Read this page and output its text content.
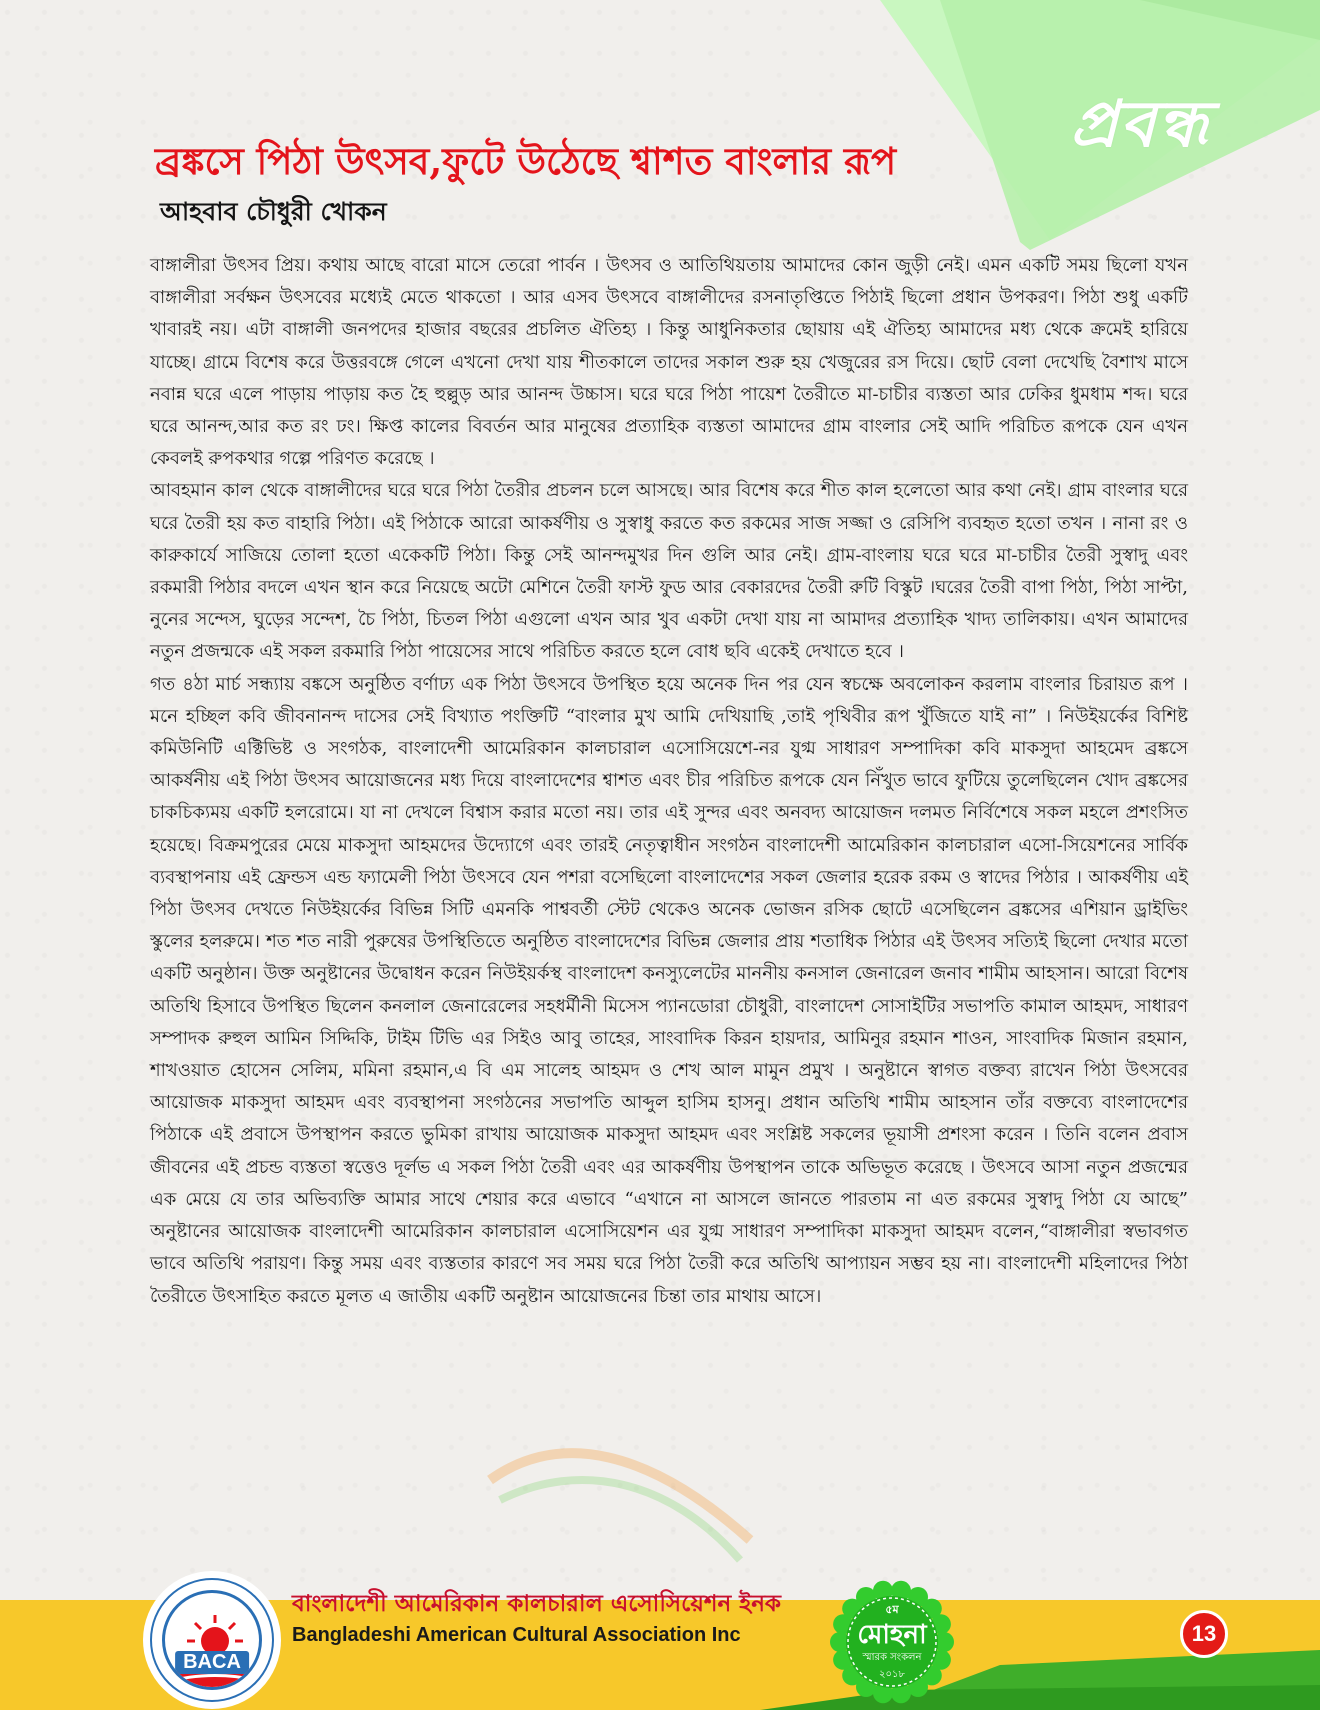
প্রবন্ধ
ব্রঙ্কসে পিঠা উৎসব,ফুটে উঠেছে শ্বাশত বাংলার রূপ
আহবাব চৌধুরী খোকন

বাঙ্গালীরা উৎসব প্রিয়। কথায় আছে বারো মাসে তেরো পার্বন । উৎসব ও আতিথিয়তায় আমাদের কোন জুড়ী নেই। এমন একটি সময় ছিলো যখন বাঙ্গালীরা সর্বক্ষন উৎসবের মধ্যেই মেতে থাকতো । আর এসব উৎসবে বাঙ্গালীদের রসনাতৃপ্তিতে পিঠাই ছিলো প্রধান উপকরণ। পিঠা শুধু একটি খাবারই নয়। এটা বাঙ্গালী জনপদের হাজার বছরের প্রচলিত ঐতিহ্য । কিন্তু আধুনিকতার ছোয়ায় এই ঐতিহ্য আমাদের মধ্য থেকে ক্রমেই হারিয়ে যাচ্ছে। গ্রামে বিশেষ করে উত্তরবঙ্গে গেলে এখনো দেখা যায় শীতকালে তাদের সকাল শুরু হয় খেজুরের রস দিয়ে। ছোট বেলা দেখেছি বৈশাখ মাসে নবান্ন ঘরে এলে পাড়ায় পাড়ায় কত হৈ হুল্লুড় আর আনন্দ উচ্চাস। ঘরে ঘরে পিঠা পায়েশ তৈরীতে মা-চাচীর ব্যস্ততা আর ঢেকির ধুমধাম শব্দ। ঘরে ঘরে আনন্দ,আর কত রং ঢং। ক্ষিপ্ত কালের বিবর্তন আর মানুষের প্রত্যাহিক ব্যস্ততা আমাদের গ্রাম বাংলার সেই আদি পরিচিত রূপকে যেন এখন কেবলই রুপকথার গল্পে পরিণত করেছে ।

আবহমান কাল থেকে বাঙ্গালীদের ঘরে ঘরে পিঠা তৈরীর প্রচলন চলে আসছে। আর বিশেষ করে শীত কাল হলেতো আর কথা নেই। গ্রাম বাংলার ঘরে ঘরে তৈরী হয় কত বাহারি পিঠা। এই পিঠাকে আরো আকর্ষণীয় ও সুস্বাধু করতে কত রকমের সাজ সজ্জা ও রেসিপি ব্যবহৃত হতো তখন । নানা রং ও কারুকার্যে সাজিয়ে তোলা হতো একেকটি পিঠা। কিন্তু সেই আনন্দমুখর দিন গুলি আর নেই। গ্রাম-বাংলায় ঘরে ঘরে মা-চাচীর তৈরী সুস্বাদু এবং রকমারী পিঠার বদলে এখন স্থান করে নিয়েছে অটো মেশিনে তৈরী ফাস্ট ফুড আর বেকারদের তৈরী রুটি বিস্কুট ।ঘরের তৈরী বাপা পিঠা, পিঠা সাপ্টা, নুনের সন্দেস, ঘুড়ের সন্দেশ, চৈ পিঠা, চিতল পিঠা এগুলো এখন আর খুব একটা দেখা যায় না আমাদর প্রত্যাহিক খাদ্য তালিকায়। এখন আমাদের নতুন প্রজন্মকে এই সকল রকমারি পিঠা পায়েসের সাথে পরিচিত করতে হলে বোধ ছবি একেই দেখাতে হবে ।

গত ৪ঠা মার্চ সন্ধ্যায় বঙ্কসে অনুষ্ঠিত বর্ণাঢ্য এক পিঠা উৎসবে উপস্থিত হয়ে অনেক দিন পর যেন স্বচক্ষে অবলোকন করলাম বাংলার চিরায়ত রূপ । মনে হচ্ছিল কবি জীবনানন্দ দাসের সেই বিখ্যাত পংক্তিটি “বাংলার মুখ আমি দেখিয়াছি ,তাই পৃথিবীর রূপ খুঁজিতে যাই না” । নিউইয়র্কের বিশিষ্ট কমিউনিটি এক্টিভিষ্ট ও সংগঠক, বাংলাদেশী আমেরিকান কালচারাল এসোসিয়েশে-নর যুগ্ম সাধারণ সম্পাদিকা কবি মাকসুদা আহমেদ ব্রঙ্কসে আকর্ষনীয় এই পিঠা উৎসব আয়োজনের মধ্য দিয়ে বাংলাদেশের শ্বাশত এবং চীর পরিচিত রূপকে যেন নিঁখুত ভাবে ফুটিয়ে তুলেছিলেন খোদ ব্রঙ্কসের চাকচিক্যময় একটি হলরোমে। যা না দেখলে বিশ্বাস করার মতো নয়। তার এই সুন্দর এবং অনবদ্য আয়োজন দলমত নির্বিশেষে সকল মহলে প্রশংসিত হয়েছে। বিক্রমপুরের মেয়ে মাকসুদা আহমদের উদ্যোগে এবং তারই নেতৃত্বাধীন সংগঠন বাংলাদেশী আমেরিকান কালচারাল এসো-সিয়েশনের সার্বিক ব্যবস্থাপনায় এই ফ্রেন্ডস এন্ড ফ্যামেলী পিঠা উৎসবে যেন পশরা বসেছিলো বাংলাদেশের সকল জেলার হরেক রকম ও স্বাদের পিঠার । আকর্ষণীয় এই পিঠা উৎসব দেখতে নিউইয়র্কের বিভিন্ন সিটি এমনকি পাশ্ববর্তী স্টেট থেকেও অনেক ভোজন রসিক ছোটে এসেছিলেন ব্রঙ্কসের এশিয়ান ড্রাইভিং স্কুলের হলরুমে। শত শত নারী পুরুষের উপস্থিতিতে অনুষ্ঠিত বাংলাদেশের বিভিন্ন জেলার প্রায় শতাধিক পিঠার এই উৎসব সত্যিই ছিলো দেখার মতো একটি অনুষ্ঠান। উক্ত অনুষ্টানের উদ্বোধন করেন নিউইয়র্কস্থ বাংলাদেশ কনস্যুলেটের মাননীয় কনসাল জেনারেল জনাব শামীম আহসান। আরো বিশেষ অতিথি হিসাবে উপস্থিত ছিলেন কনলাল জেনারেলের সহধর্মীনী মিসেস প্যানডোরা চৌধুরী, বাংলাদেশ সোসাইটির সভাপতি কামাল আহমদ, সাধারণ সম্পাদক রুহুল আমিন সিদ্দিকি, টাইম টিভি এর সিইও আবু তাহের, সাংবাদিক কিরন হায়দার, আমিনুর রহমান শাওন, সাংবাদিক মিজান রহমান, শাখওয়াত হোসেন সেলিম, মমিনা রহমান,এ বি এম সালেহ আহমদ ও শেখ আল মামুন প্রমুখ । অনুষ্টানে স্বাগত বক্তব্য রাখেন পিঠা উৎসবের আয়োজক মাকসুদা আহমদ এবং ব্যবস্থাপনা সংগঠনের সভাপতি আব্দুল হাসিম হাসনু। প্রধান অতিথি শামীম আহসান তাঁর বক্তব্যে বাংলাদেশের পিঠাকে এই প্রবাসে উপস্থাপন করতে ভুমিকা রাখায় আয়োজক মাকসুদা আহমদ এবং সংশ্লিষ্ট সকলের ভূয়াসী প্রশংসা করেন । তিনি বলেন প্রবাস জীবনের এই প্রচন্ড ব্যস্ততা স্বত্তেও দূর্লভ এ সকল পিঠা তৈরী এবং এর আকর্ষণীয় উপস্থাপন তাকে অভিভূত করেছে । উৎসবে আসা নতুন প্রজন্মের এক মেয়ে যে তার অভিব্যক্তি আমার সাথে শেয়ার করে এভাবে “এখানে না আসলে জানতে পারতাম না এত রকমের সুস্বাদু পিঠা যে আছে” অনুষ্টানের আয়োজক বাংলাদেশী আমেরিকান কালচারাল এসোসিয়েশন এর যুগ্ম সাধারণ সম্পাদিকা মাকসুদা আহমদ বলেন,“বাঙ্গালীরা স্বভাবগত ভাবে অতিথি পরায়ণ। কিন্তু সময় এবং ব্যস্ততার কারণে সব সময় ঘরে পিঠা তৈরী করে অতিথি আপ্যায়ন সম্ভব হয় না। বাংলাদেশী মহিলাদের পিঠা তৈরীতে উৎসাহিত করতে মূলত এ জাতীয় একটি অনুষ্টান আয়োজনের চিন্তা তার মাথায় আসে।

BACA
বাংলাদেশী আমেরিকান কালচারাল এসোসিয়েশন ইনক
Bangladeshi American Cultural Association Inc
৫ম
মোহনা
স্মারক সংকলন
২০১৮
13
